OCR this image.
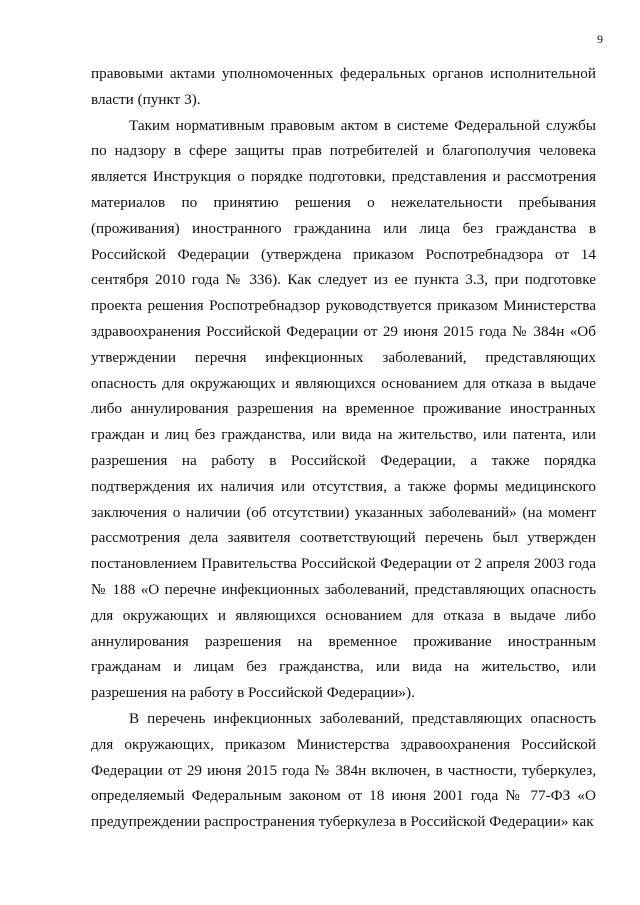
9

правовыми актами уполномоченных федеральных органов исполнительной власти (пункт 3).

Таким нормативным правовым актом в системе Федеральной службы по надзору в сфере защиты прав потребителей и благополучия человека является Инструкция о порядке подготовки, представления и рассмотрения материалов по принятию решения о нежелательности пребывания (проживания) иностранного гражданина или лица без гражданства в Российской Федерации (утверждена приказом Роспотребнадзора от 14 сентября 2010 года № 336). Как следует из ее пункта 3.3, при подготовке проекта решения Роспотребнадзор руководствуется приказом Министерства здравоохранения Российской Федерации от 29 июня 2015 года № 384н «Об утверждении перечня инфекционных заболеваний, представляющих опасность для окружающих и являющихся основанием для отказа в выдаче либо аннулирования разрешения на временное проживание иностранных граждан и лиц без гражданства, или вида на жительство, или патента, или разрешения на работу в Российской Федерации, а также порядка подтверждения их наличия или отсутствия, а также формы медицинского заключения о наличии (об отсутствии) указанных заболеваний» (на момент рассмотрения дела заявителя соответствующий перечень был утвержден постановлением Правительства Российской Федерации от 2 апреля 2003 года № 188 «О перечне инфекционных заболеваний, представляющих опасность для окружающих и являющихся основанием для отказа в выдаче либо аннулирования разрешения на временное проживание иностранным гражданам и лицам без гражданства, или вида на жительство, или разрешения на работу в Российской Федерации»).

В перечень инфекционных заболеваний, представляющих опасность для окружающих, приказом Министерства здравоохранения Российской Федерации от 29 июня 2015 года № 384н включен, в частности, туберкулез, определяемый Федеральным законом от 18 июня 2001 года № 77-ФЗ «О предупреждении распространения туберкулеза в Российской Федерации» как
